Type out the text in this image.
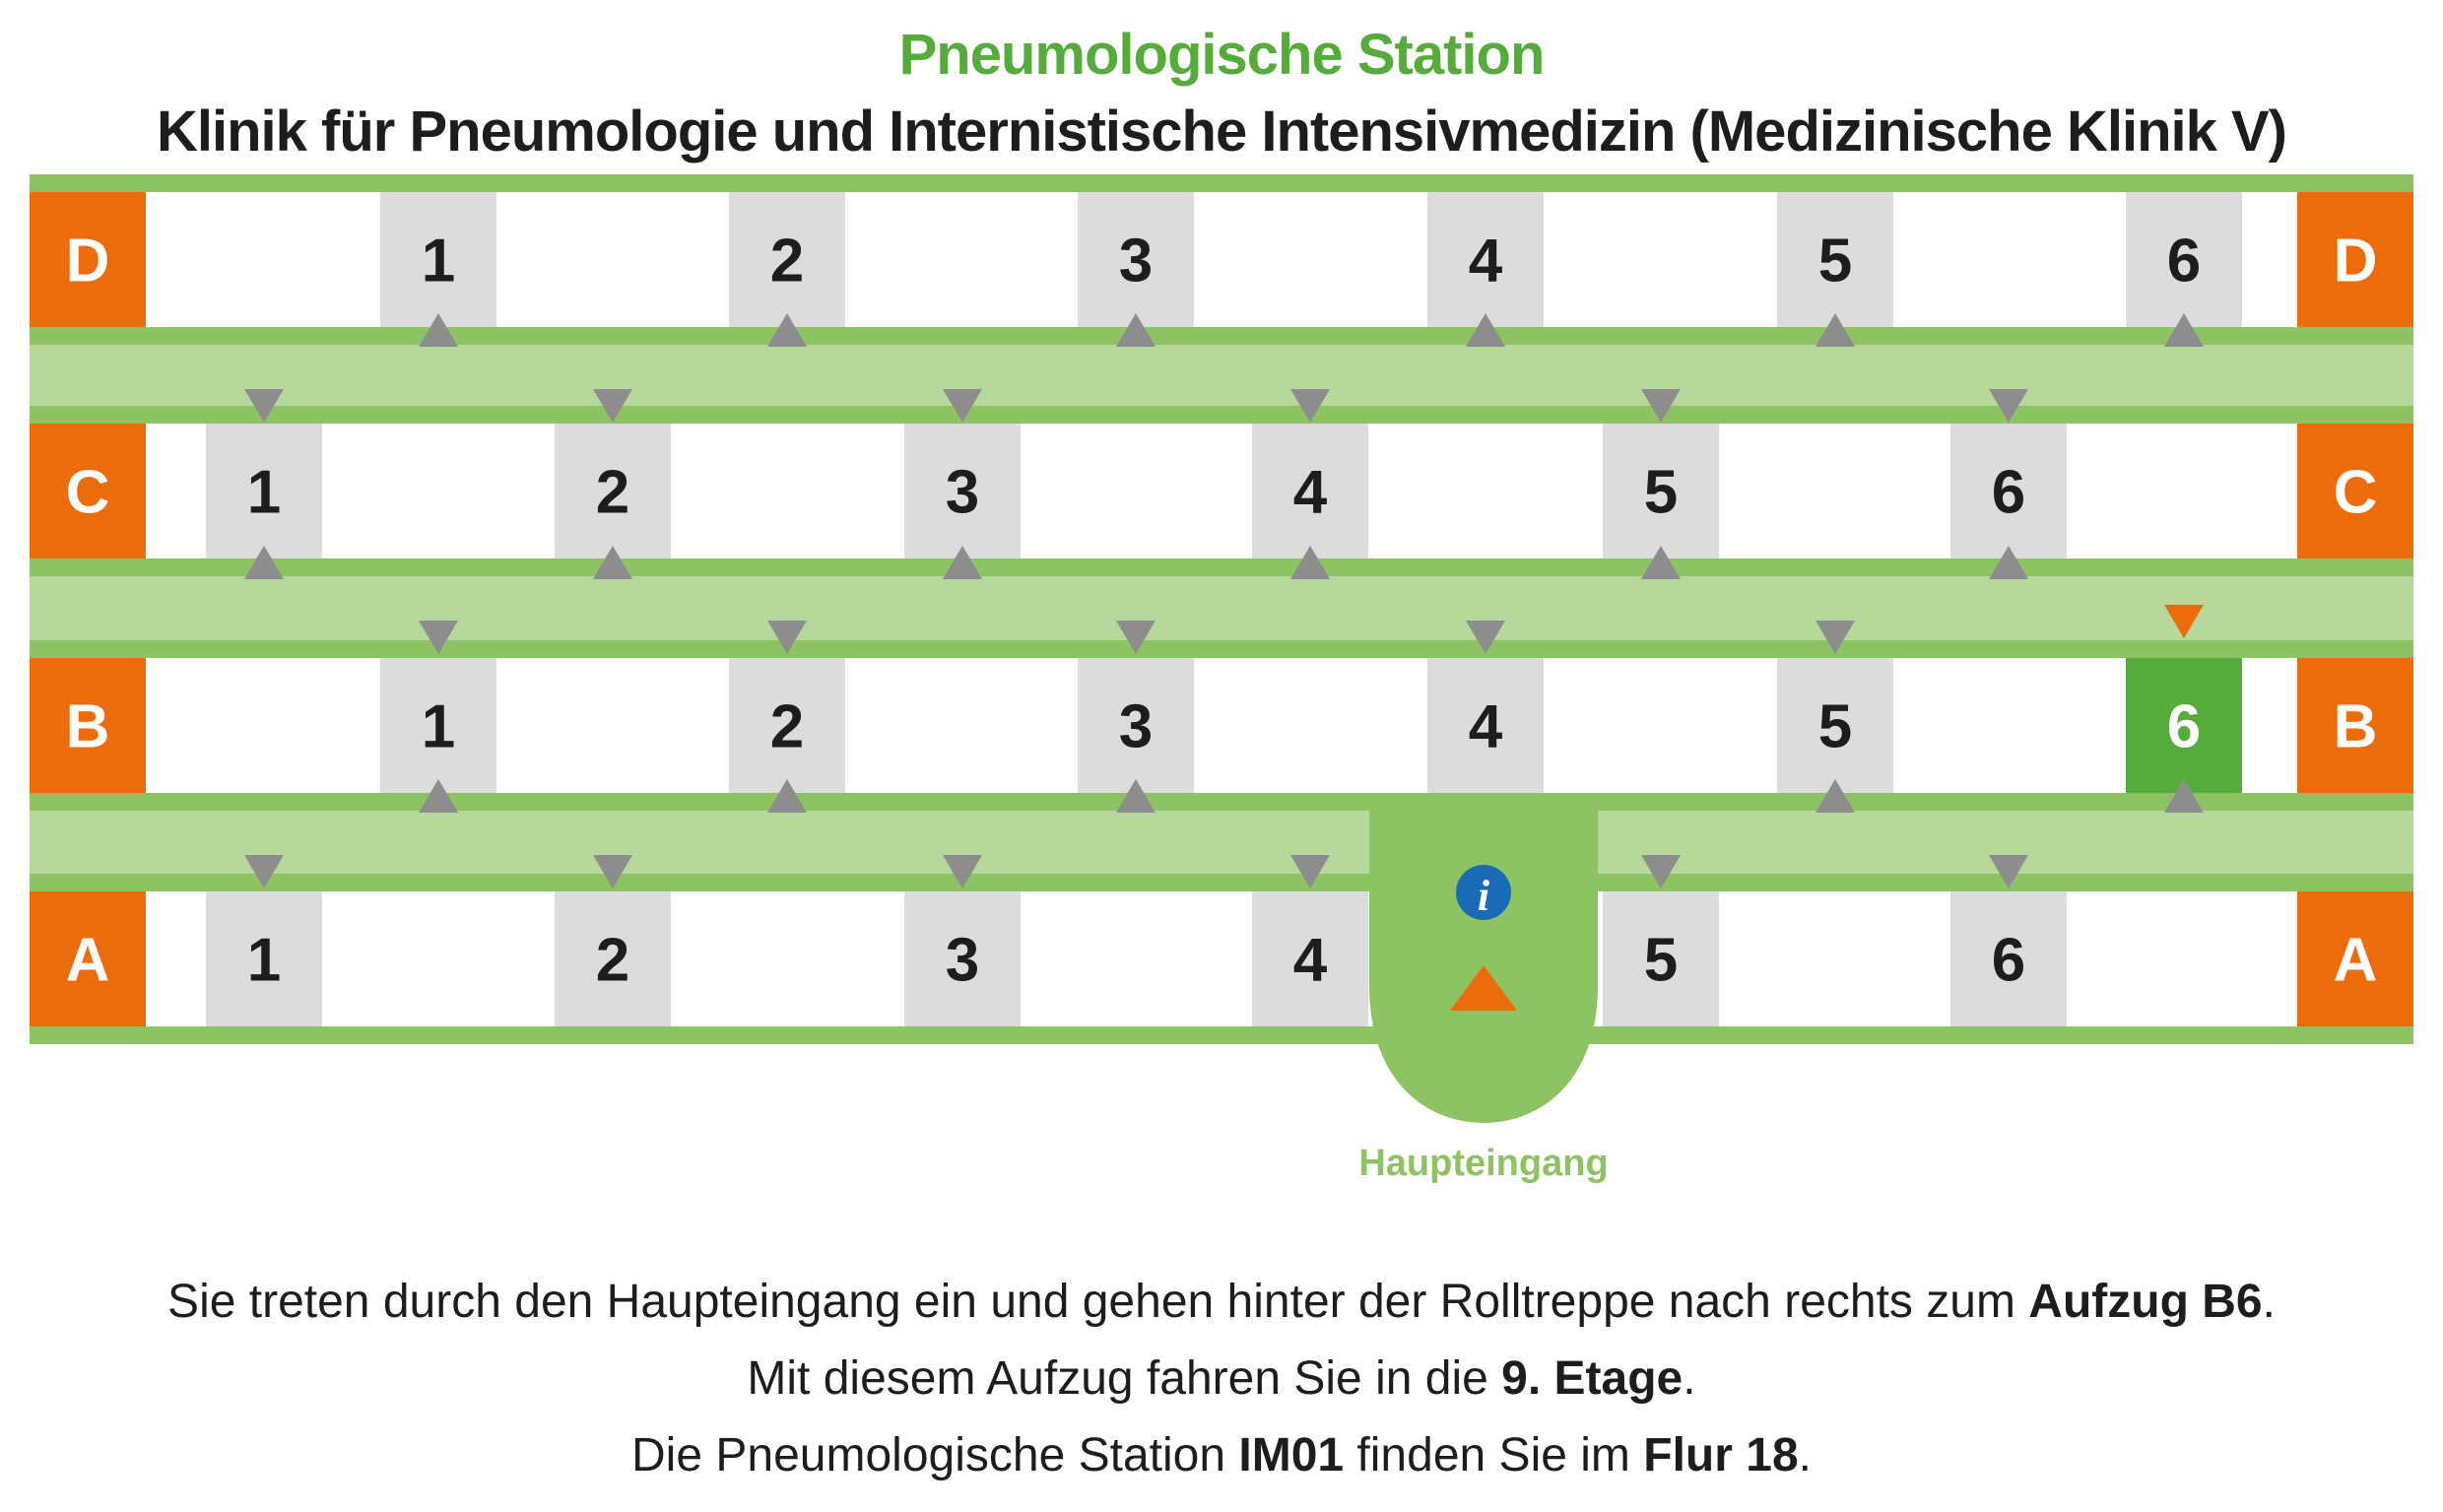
Pneumologische Station
Klinik für Pneumologie und Internistische Intensivmedizin (Medizinische Klinik V)
D	D
1	2	3	4	5	6
C	C
1	2	3	4	5	6
B	B
1	2	3	4	5	6
A	A
1	2	3	4	5	6
i
Haupteingang
Sie treten durch den Haupteingang ein und gehen hinter der Rolltreppe nach rechts zum Aufzug B6.
Mit diesem Aufzug fahren Sie in die 9. Etage.
Die Pneumologische Station IM01 finden Sie im Flur 18.
